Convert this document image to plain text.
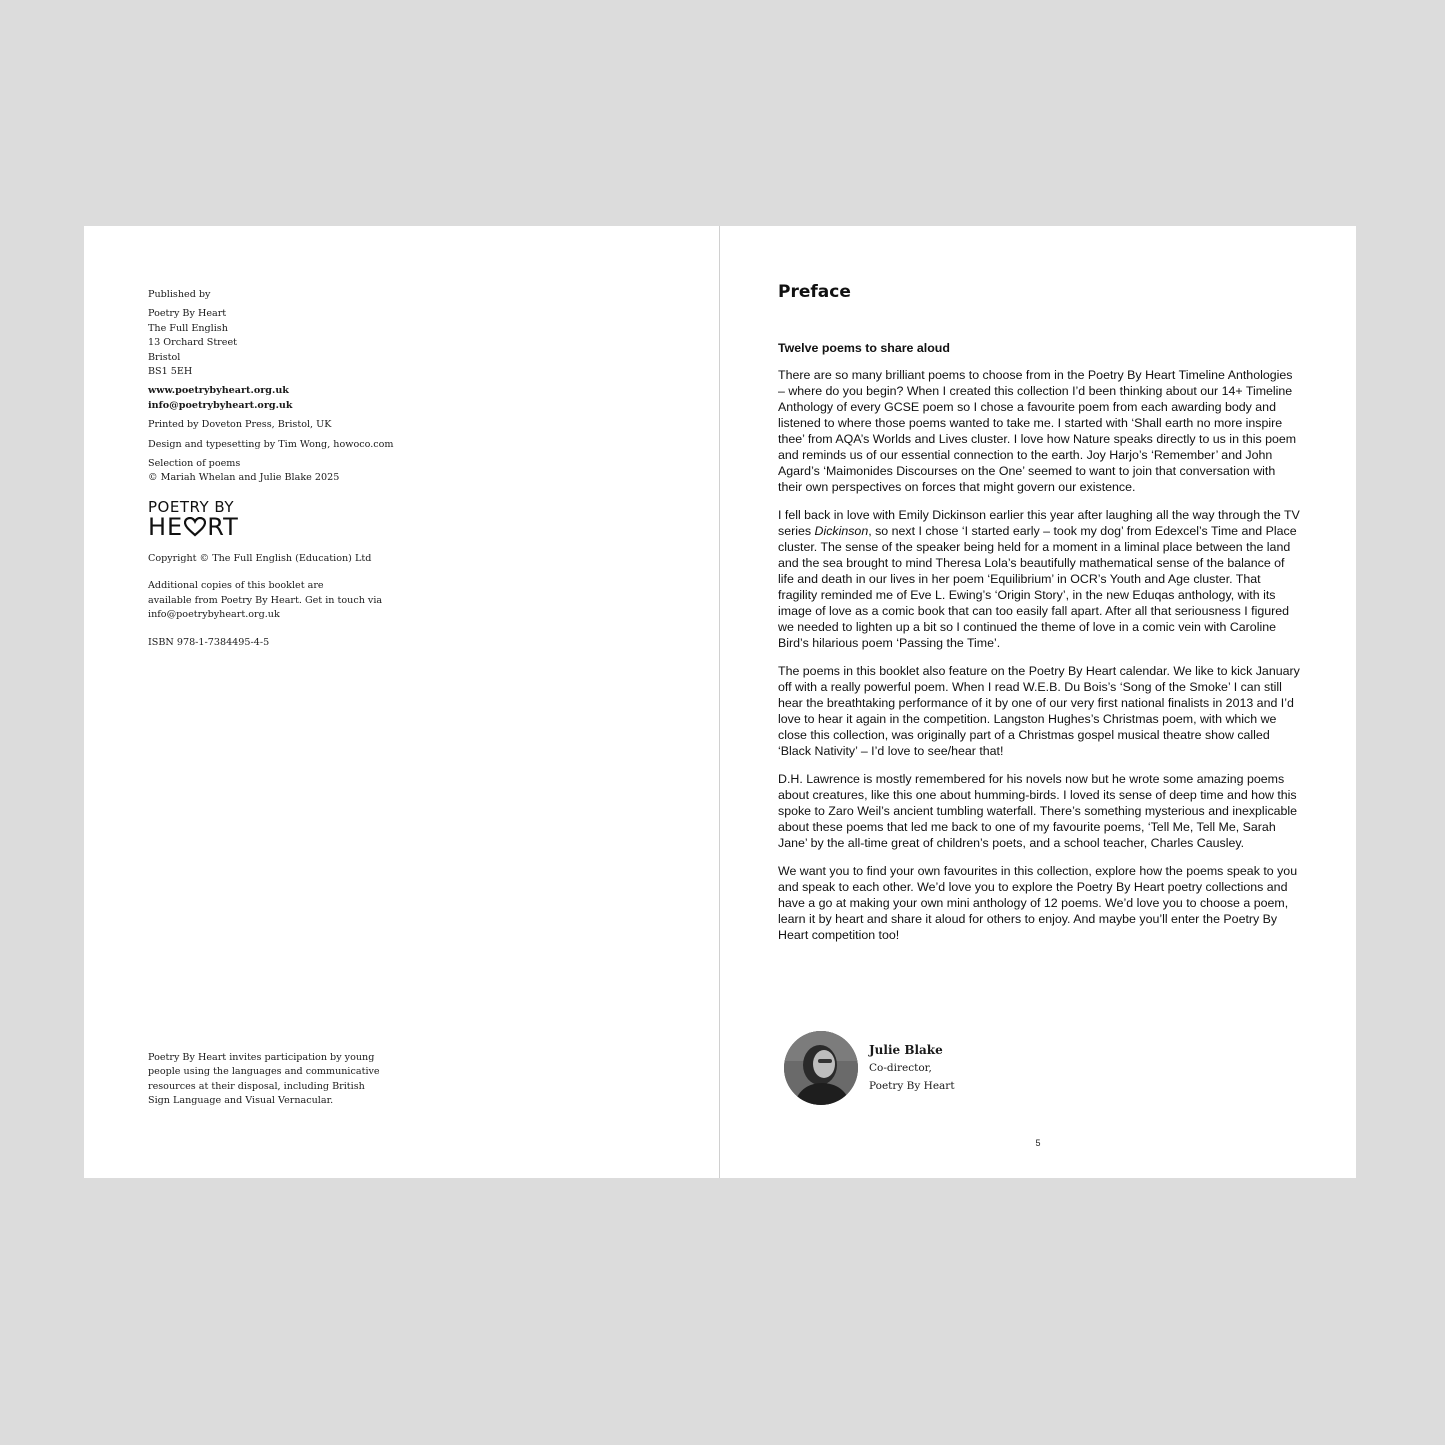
Published by

Poetry By Heart

The Full English

13 Orchard Street

Bristol

BS1 5EH

www.poetrybyheart.org.uk

info@poetrybyheart.org.uk

Printed by Doveton Press, Bristol, UK

Design and typesetting by Tim Wong, howoco.com

Selection of poems

© Mariah Whelan and Julie Blake 2025

POETRY BY
HE RT

Copyright © The Full English (Education) Ltd

Additional copies of this booklet are

available from Poetry By Heart. Get in touch via

info@poetrybyheart.org.uk

ISBN 978-1-7384495-4-5

Poetry By Heart invites participation by young
people using the languages and communicative
resources at their disposal, including British
Sign Language and Visual Vernacular.
Preface
Twelve poems to share aloud

There are so many brilliant poems to choose from in the Poetry By Heart Timeline Anthologies – where do you begin? When I created this collection I’d been thinking about our 14+ Timeline Anthology of every GCSE poem so I chose a favourite poem from each awarding body and listened to where those poems wanted to take me. I started with ‘Shall earth no more inspire thee’ from AQA’s Worlds and Lives cluster. I love how Nature speaks directly to us in this poem and reminds us of our essential connection to the earth. Joy Harjo’s ‘Remember’ and John Agard’s ‘Maimonides Discourses on the One’ seemed to want to join that conversation with their own perspectives on forces that might govern our existence.

I fell back in love with Emily Dickinson earlier this year after laughing all the way through the TV series Dickinson, so next I chose ‘I started early – took my dog’ from Edexcel’s Time and Place cluster. The sense of the speaker being held for a moment in a liminal place between the land and the sea brought to mind Theresa Lola’s beautifully mathematical sense of the balance of life and death in our lives in her poem ‘Equilibrium’ in OCR’s Youth and Age cluster. That fragility reminded me of Eve L. Ewing’s ‘Origin Story’, in the new Eduqas anthology, with its image of love as a comic book that can too easily fall apart. After all that seriousness I figured we needed to lighten up a bit so I continued the theme of love in a comic vein with Caroline Bird’s hilarious poem ‘Passing the Time’.

The poems in this booklet also feature on the Poetry By Heart calendar. We like to kick January off with a really powerful poem. When I read W.E.B. Du Bois’s ‘Song of the Smoke’ I can still hear the breathtaking performance of it by one of our very first national finalists in 2013 and I’d love to hear it again in the competition. Langston Hughes’s Christmas poem, with which we close this collection, was originally part of a Christmas gospel musical theatre show called ‘Black Nativity’ – I’d love to see/hear that!

D.H. Lawrence is mostly remembered for his novels now but he wrote some amazing poems about creatures, like this one about humming-birds. I loved its sense of deep time and how this spoke to Zaro Weil’s ancient tumbling waterfall. There’s something mysterious and inexplicable about these poems that led me back to one of my favourite poems, ‘Tell Me, Tell Me, Sarah Jane’ by the all-time great of children’s poets, and a school teacher, Charles Causley.

We want you to find your own favourites in this collection, explore how the poems speak to you and speak to each other. We’d love you to explore the Poetry By Heart poetry collections and have a go at making your own mini anthology of 12 poems. We’d love you to choose a poem, learn it by heart and share it aloud for others to enjoy. And maybe you’ll enter the Poetry By Heart competition too!

Julie Blake

Co-director,

Poetry By Heart

5
